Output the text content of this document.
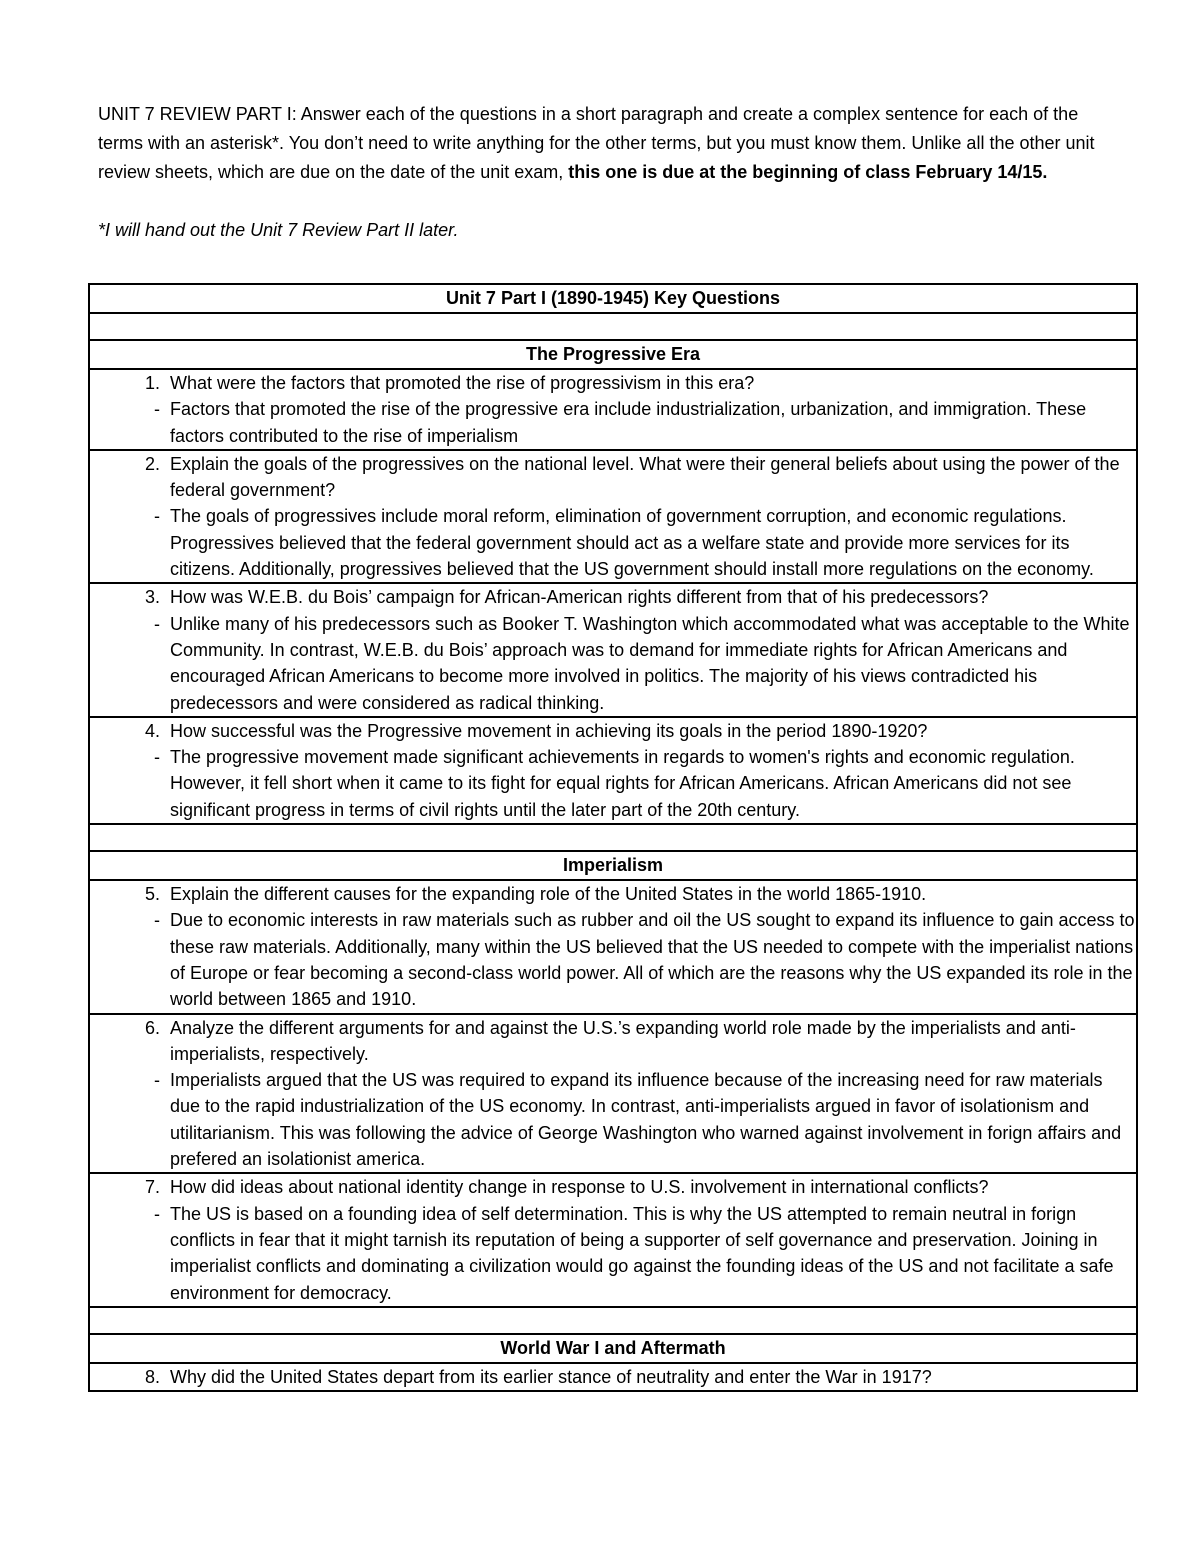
UNIT 7 REVIEW PART I: Answer each of the questions in a short paragraph and create a complex sentence for each of the terms with an asterisk*. You don’t need to write anything for the other terms, but you must know them. Unlike all the other unit review sheets, which are due on the date of the unit exam, this one is due at the beginning of class February 14/15.

*I will hand out the Unit 7 Review Part II later.

Unit 7 Part I (1890-1945) Key Questions

The Progressive Era

1. What were the factors that promoted the rise of progressivism in this era?
- Factors that promoted the rise of the progressive era include industrialization, urbanization, and immigration. These factors contributed to the rise of imperialism

2. Explain the goals of the progressives on the national level. What were their general beliefs about using the power of the federal government?
- The goals of progressives include moral reform, elimination of government corruption, and economic regulations. Progressives believed that the federal government should act as a welfare state and provide more services for its citizens. Additionally, progressives believed that the US government should install more regulations on the economy.

3. How was W.E.B. du Bois’ campaign for African-American rights different from that of his predecessors?
- Unlike many of his predecessors such as Booker T. Washington which accommodated what was acceptable to the White Community. In contrast, W.E.B. du Bois’ approach was to demand for immediate rights for African Americans and encouraged African Americans to become more involved in politics. The majority of his views contradicted his predecessors and were considered as radical thinking.

4. How successful was the Progressive movement in achieving its goals in the period 1890-1920?
- The progressive movement made significant achievements in regards to women's rights and economic regulation. However, it fell short when it came to its fight for equal rights for African Americans. African Americans did not see significant progress in terms of civil rights until the later part of the 20th century.

Imperialism

5. Explain the different causes for the expanding role of the United States in the world 1865-1910.
- Due to economic interests in raw materials such as rubber and oil the US sought to expand its influence to gain access to these raw materials. Additionally, many within the US believed that the US needed to compete with the imperialist nations of Europe or fear becoming a second-class world power. All of which are the reasons why the US expanded its role in the world between 1865 and 1910.

6. Analyze the different arguments for and against the U.S.’s expanding world role made by the imperialists and anti-imperialists, respectively.
- Imperialists argued that the US was required to expand its influence because of the increasing need for raw materials due to the rapid industrialization of the US economy. In contrast, anti-imperialists argued in favor of isolationism and utilitarianism. This was following the advice of George Washington who warned against involvement in forign affairs and prefered an isolationist america.

7. How did ideas about national identity change in response to U.S. involvement in international conflicts?
- The US is based on a founding idea of self determination. This is why the US attempted to remain neutral in forign conflicts in fear that it might tarnish its reputation of being a supporter of self governance and preservation. Joining in imperialist conflicts and dominating a civilization would go against the founding ideas of the US and not facilitate a safe environment for democracy.

World War I and Aftermath

8. Why did the United States depart from its earlier stance of neutrality and enter the War in 1917?
